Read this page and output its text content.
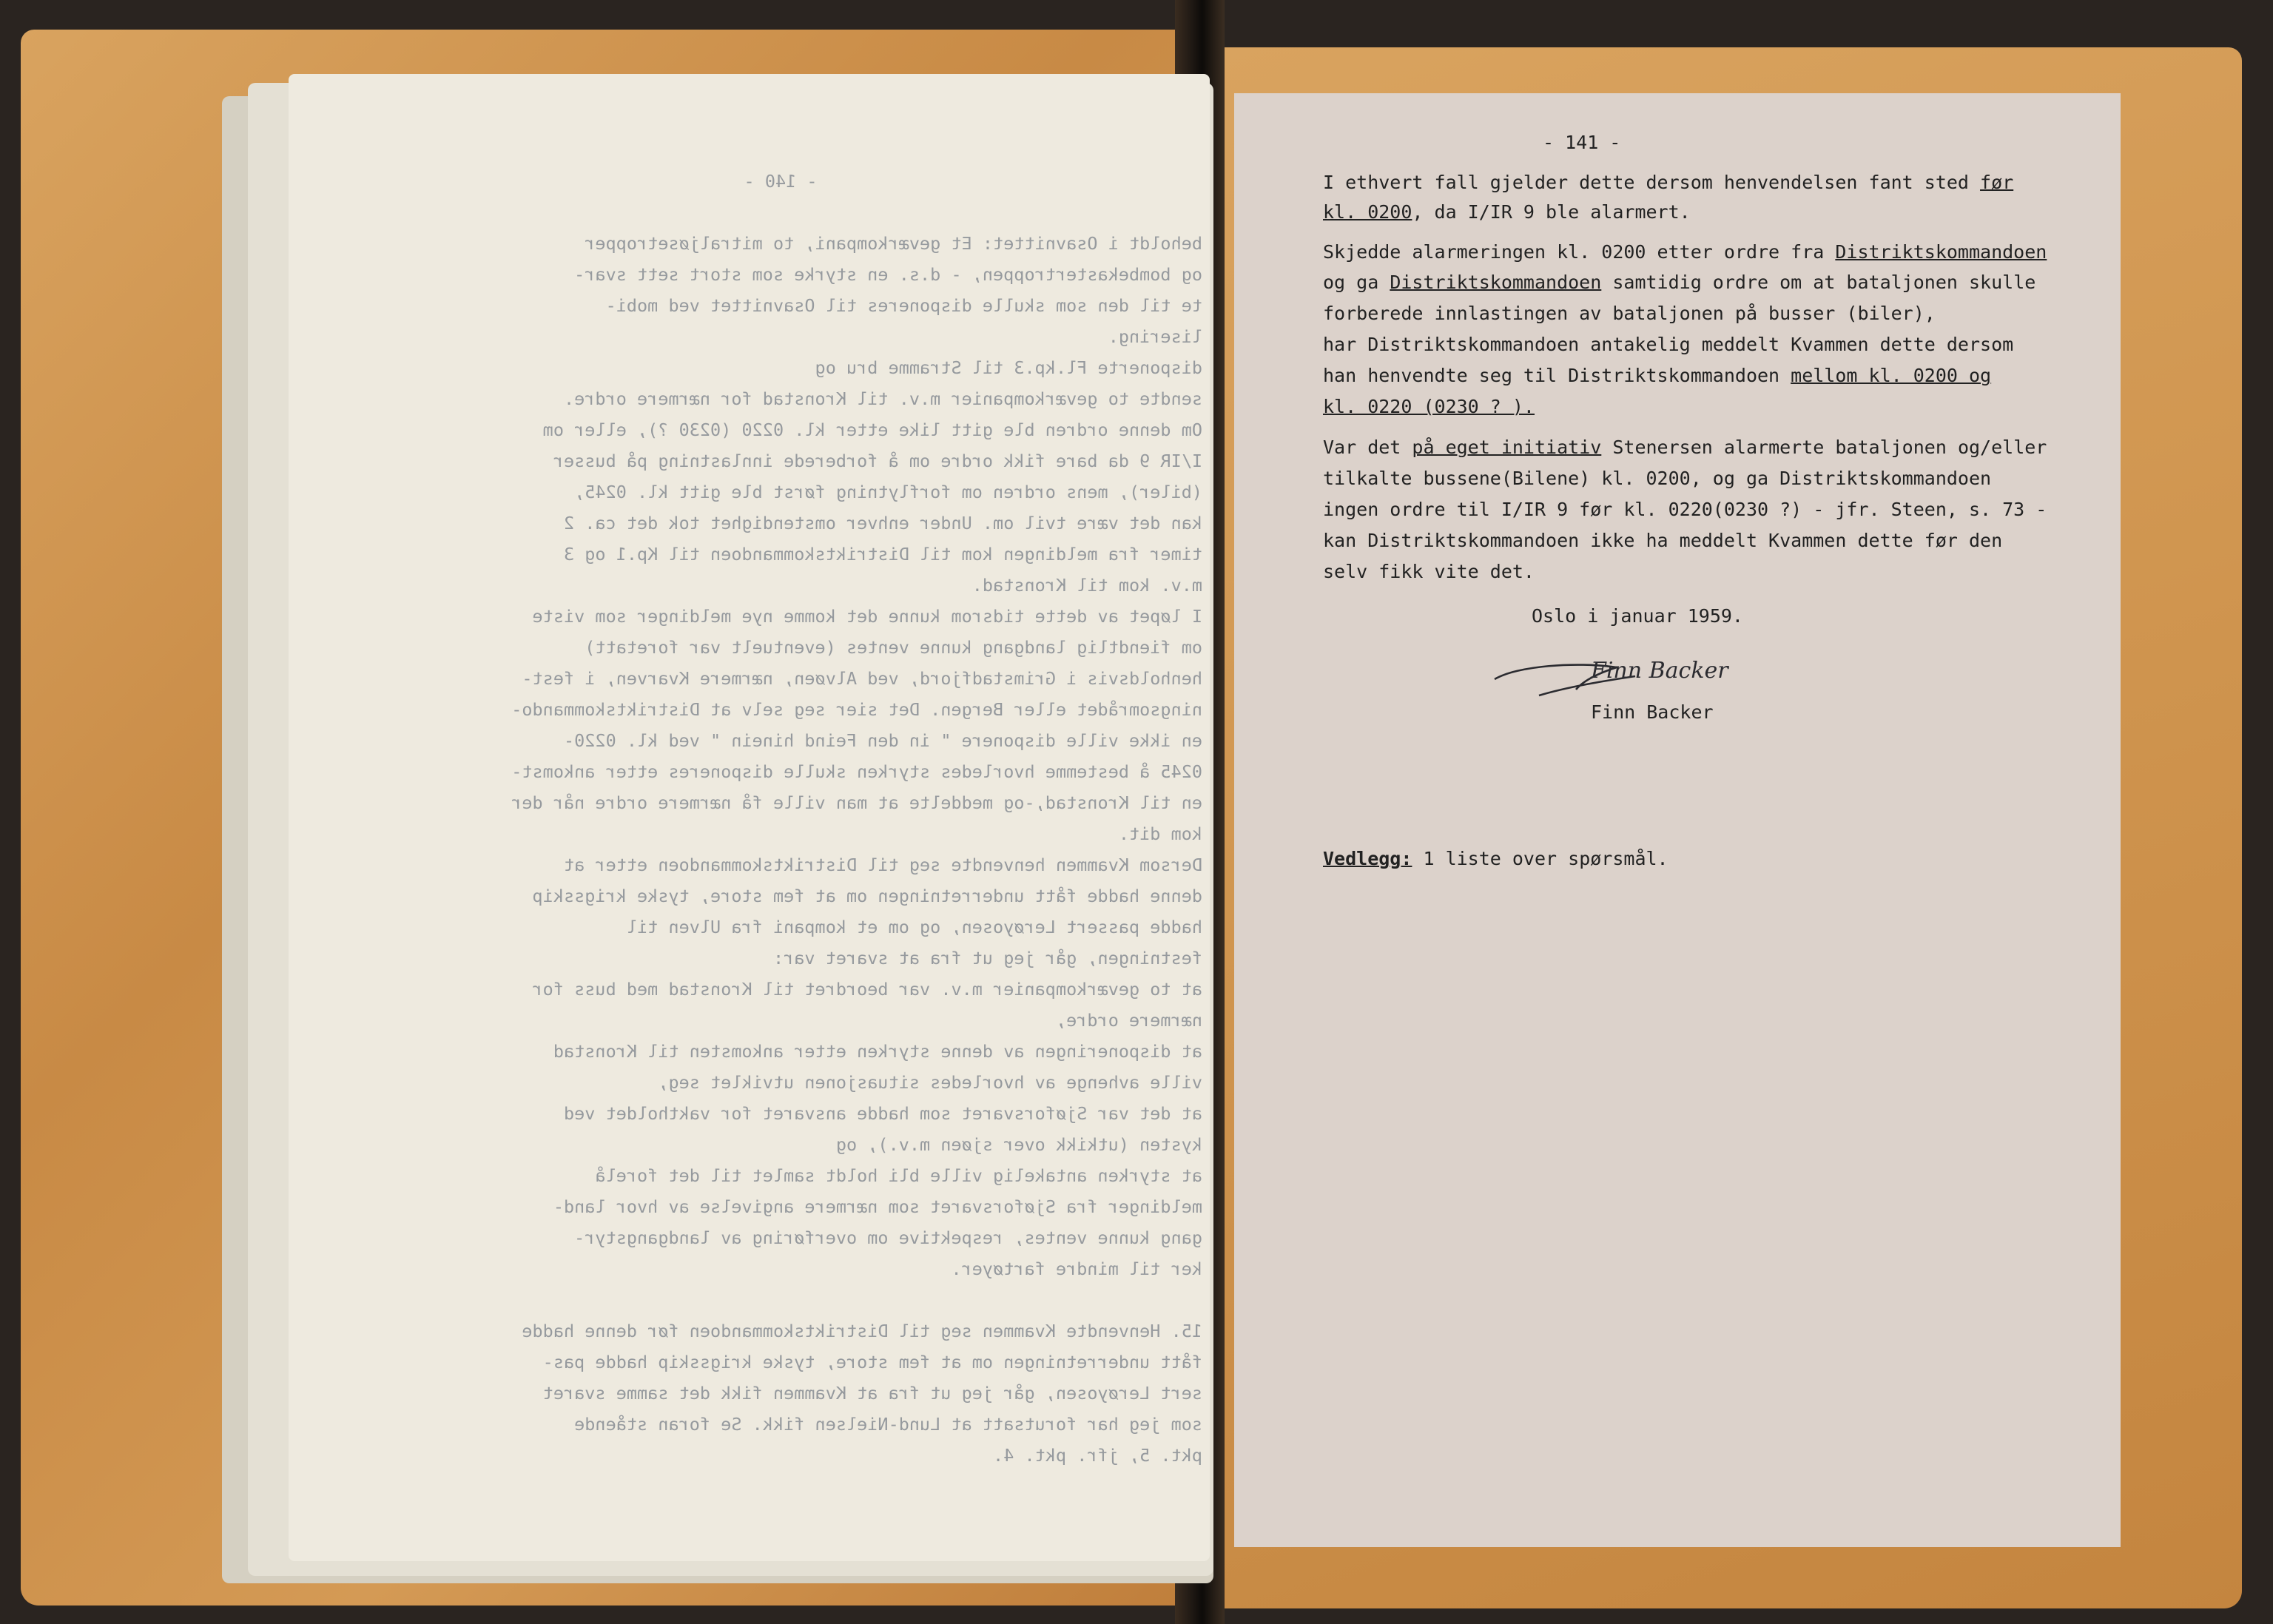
- 140 -

beholdt i Osavnittet: Et geværkompani, to mitraljøsetropper
og bombekastertroppen, - d.s. en styrke som stort sett svar-
te til den som skulle disponeres til Osavnittet ved mobi-
lisering.
disponerte Fl.kp.3 til Stramme bru og
sendte to geværkompanier m.v. til Kronstad for nærmere ordre.
Om denne ordren ble gitt like etter kl. 0220 (0230 ?), eller om
I/IR 9 da bare fikk ordre om å forberede innlastning på busser
(biler), mens ordren om forflytning først ble gitt kl. 0245,
kan det være tvil om. Under enhver omstendighet tok det ca. 2
timer fra meldingen kom til Distriktskommandoen til Kp.1 og 3
m.v. kom til Kronstad.
I løpet av dette tidsrom kunne det komme nye meldinger som viste
om fiendtlig landgang kunne ventes (eventuelt var foretatt)
henholdsvis i Grimstadfjord, ved Alvøen, nærmere Kvarven, i fest-
ningsområdet eller Bergen. Det sier seg selv at Distriktskommando-
en ikke ville disponere " in den Feind hinein " ved kl. 0220-
0245 å bestemme hvorledes styrken skulle disponeres etter ankomst-
en til Kronstad,-og meddelte at man ville få nærmere ordre når der
kom dit.
Dersom Kvammen henvendte seg til Distriktskommandoen etter at
denne hadde fått underretningen om at fem store, tyske krigsskip
hadde passert Lerøyosen, og om et kompani fra Ulven til
festningen, går jeg ut fra at svaret var:
at to geværkompanier m.v. var beordret til Kronstad med buss for
nærmere ordre,
at disponeringen av denne styrken etter ankomsten til Kronstad
ville avhenge av hvorledes situasjonen utviklet seg,
at det var Sjøforsvaret som hadde ansvaret for vaktholdet ved
kysten (utkikk over sjøen m.v.), og
at styrken antakelig ville bli holdt samlet til det forelå
meldinger fra Sjøforsvaret som nærmere angivelse av hvor land-
gang kunne ventes, respektive om overføring av landgangstyr-
ker til mindre fartøyer.

15. Henvendte Kvammen seg til Distriktskommandoen før denne hadde
fått underretningen om at fem store, tyske krigsskip hadde pas-
sert Lerøyosen, går jeg ut fra at Kvammen fikk det samme svaret
som jeg har forutsatt at Lund-Nielsen fikk. Se foran stående
pkt. 5, jfr. pkt. 4.
- 141 -
I ethvert fall gjelder dette dersom henvendelsen fant sted før
kl. 0200, da I/IR 9 ble alarmert.
Skjedde alarmeringen kl. 0200 etter ordre fra Distriktskommandoen
og ga Distriktskommandoen samtidig ordre om at bataljonen skulle
forberede innlastingen av bataljonen på busser (biler),
har Distriktskommandoen antakelig meddelt Kvammen dette dersom
han henvendte seg til Distriktskommandoen mellom kl. 0200 og
kl. 0220 (0230 ? ).
Var det på eget initiativ Stenersen alarmerte bataljonen og/eller
tilkalte bussene(Bilene) kl. 0200, og ga Distriktskommandoen
ingen ordre til I/IR 9 før kl. 0220(0230 ?) - jfr. Steen, s. 73 -
kan Distriktskommandoen ikke ha meddelt Kvammen dette før den
selv fikk vite det.
Oslo i januar 1959.
Finn Backer
Finn Backer
Vedlegg: 1 liste over spørsmål.
